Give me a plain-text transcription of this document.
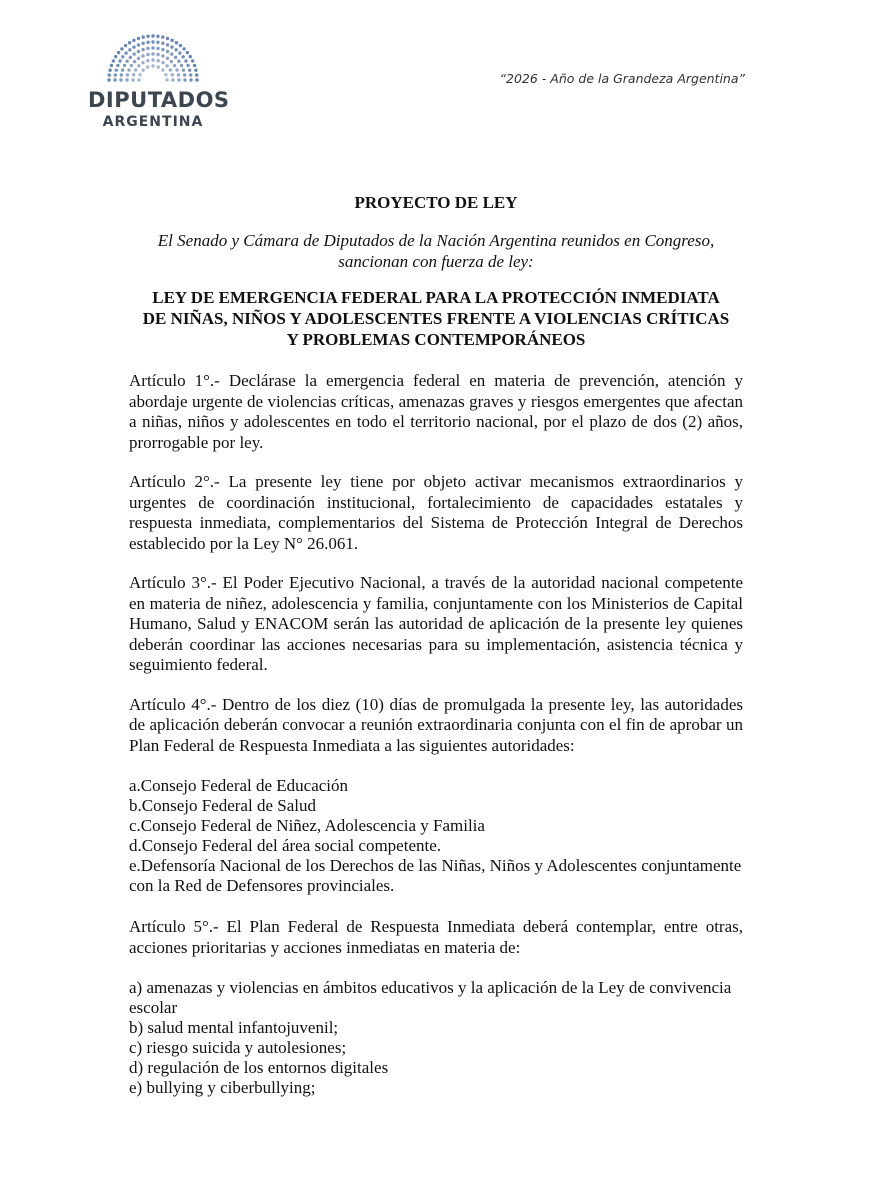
DIPUTADOS
ARGENTINA
“2026 - Año de la Grandeza Argentina”

PROYECTO DE LEY

El Senado y Cámara de Diputados de la Nación Argentina reunidos en Congreso,
sancionan con fuerza de ley:

LEY DE EMERGENCIA FEDERAL PARA LA PROTECCIÓN INMEDIATA
DE NIÑAS, NIÑOS Y ADOLESCENTES FRENTE A VIOLENCIAS CRÍTICAS
Y PROBLEMAS CONTEMPORÁNEOS

Artículo 1°.- Declárase la emergencia federal en materia de prevención, atención y abordaje urgente de violencias críticas, amenazas graves y riesgos emergentes que afectan a niñas, niños y adolescentes en todo el territorio nacional, por el plazo de dos (2) años, prorrogable por ley.

Artículo 2°.- La presente ley tiene por objeto activar mecanismos extraordinarios y urgentes de coordinación institucional, fortalecimiento de capacidades estatales y respuesta inmediata, complementarios del Sistema de Protección Integral de Derechos establecido por la Ley N° 26.061.

Artículo 3°.- El Poder Ejecutivo Nacional, a través de la autoridad nacional competente en materia de niñez, adolescencia y familia, conjuntamente con los Ministerios de Capital Humano, Salud y ENACOM serán las autoridad de aplicación de la presente ley quienes deberán coordinar las acciones necesarias para su implementación, asistencia técnica y seguimiento federal.

Artículo 4°.- Dentro de los diez (10) días de promulgada la presente ley, las autoridades de aplicación deberán convocar a reunión extraordinaria conjunta con el fin de aprobar un Plan Federal de Respuesta Inmediata a las siguientes autoridades:

a.Consejo Federal de Educación

b.Consejo Federal de Salud

c.Consejo Federal de Niñez, Adolescencia y Familia

d.Consejo Federal del área social competente.

e.Defensoría Nacional de los Derechos de las Niñas, Niños y Adolescentes conjuntamente con la Red de Defensores provinciales.

Artículo 5°.- El Plan Federal de Respuesta Inmediata deberá contemplar, entre otras, acciones prioritarias y acciones inmediatas en materia de:

a) amenazas y violencias en ámbitos educativos y la aplicación de la Ley de convivencia escolar

b) salud mental infantojuvenil;

c) riesgo suicida y autolesiones;

d) regulación de los entornos digitales

e) bullying y ciberbullying;
